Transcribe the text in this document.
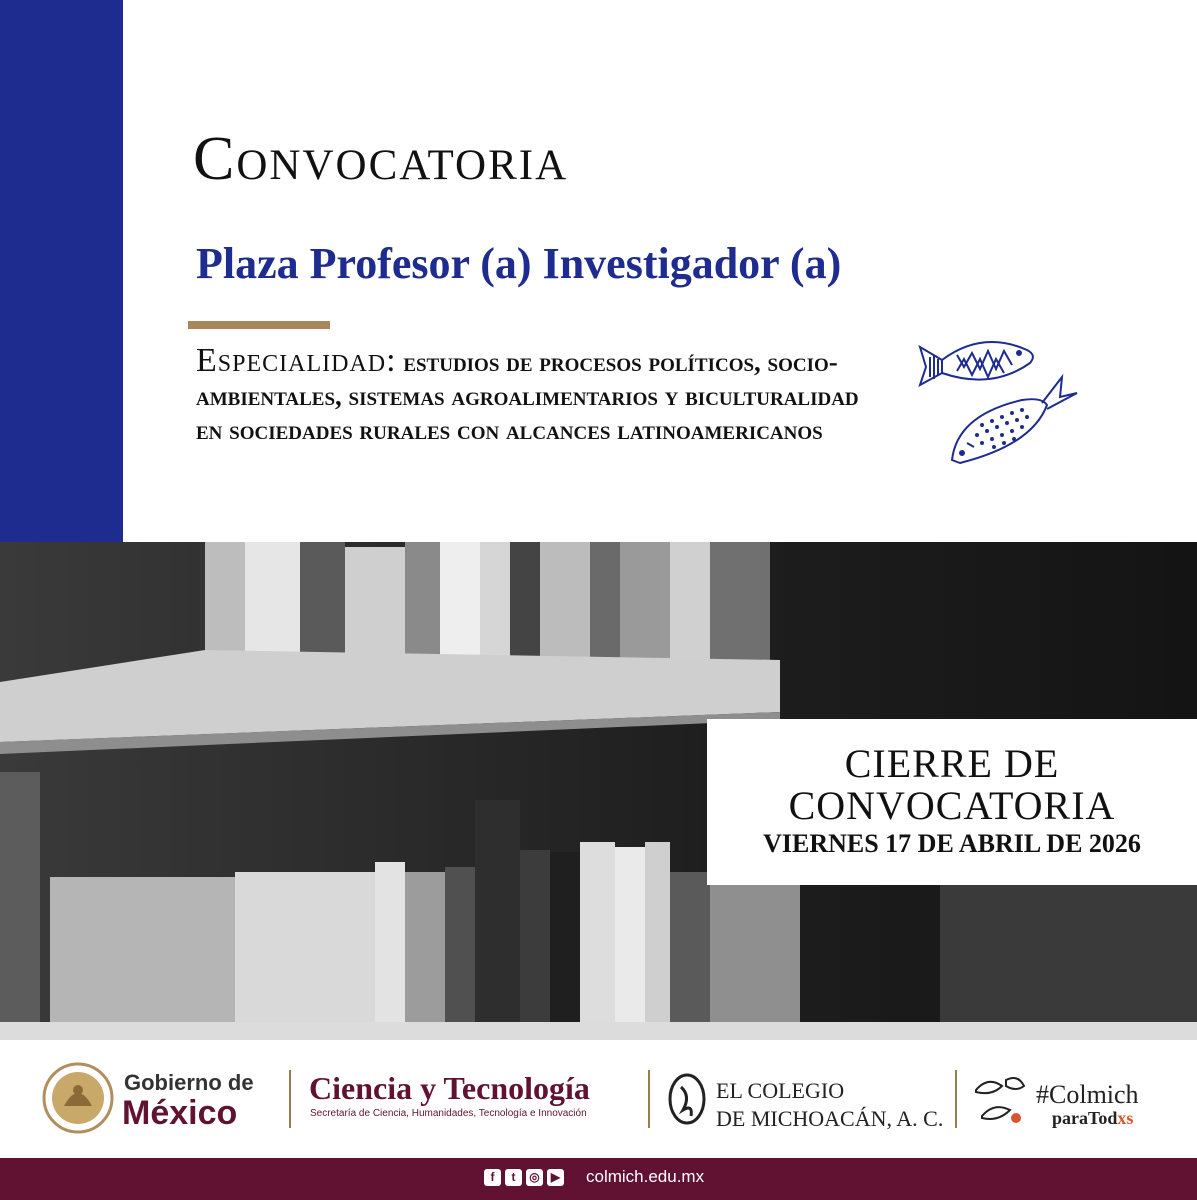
Convocatoria
Plaza Profesor (a) Investigador (a)
Especialidad: estudios de procesos políticos, socio-ambientales, sistemas agroalimentarios y biculturalidad en sociedades rurales con alcances latinoamericanos
CIERRE DE
CONVOCATORIA
VIERNES 17 DE ABRIL DE 2026
Gobierno de
México
Ciencia y Tecnología
Secretaría de Ciencia, Humanidades, Tecnología e Innovación
EL COLEGIO
DE MICHOACÁN, A. C.
#Colmich
paraTodxs
f	t	◎ ▶ colmich.edu.mx
